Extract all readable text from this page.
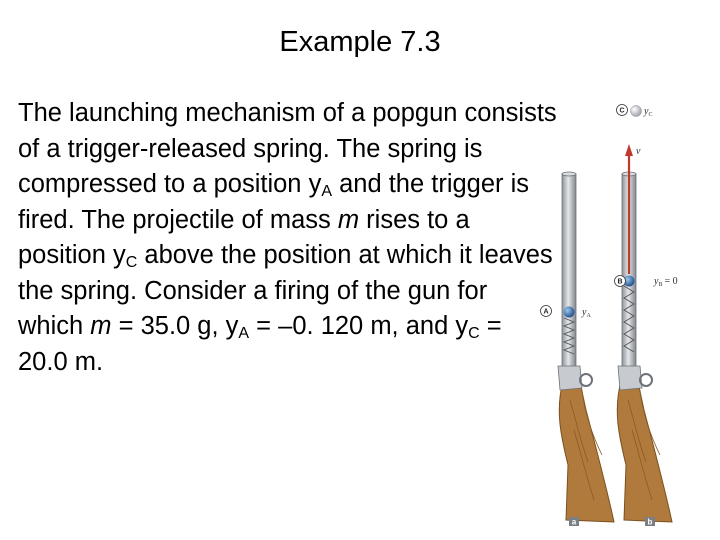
Example 7.3
The launching mechanism of a popgun consists of a trigger-released spring. The spring is compressed to a position $y_A$ and the trigger is fired. The projectile of mass m rises to a position $y_C$ above the position at which it leaves the spring. Consider a firing of the gun for which m = 35.0 g, $y_A = -0$. 120 m, and $y_C = 20.0$ m.
A	$y_A$
v
B	$y_B = 0$
C $y_C$
a	b
